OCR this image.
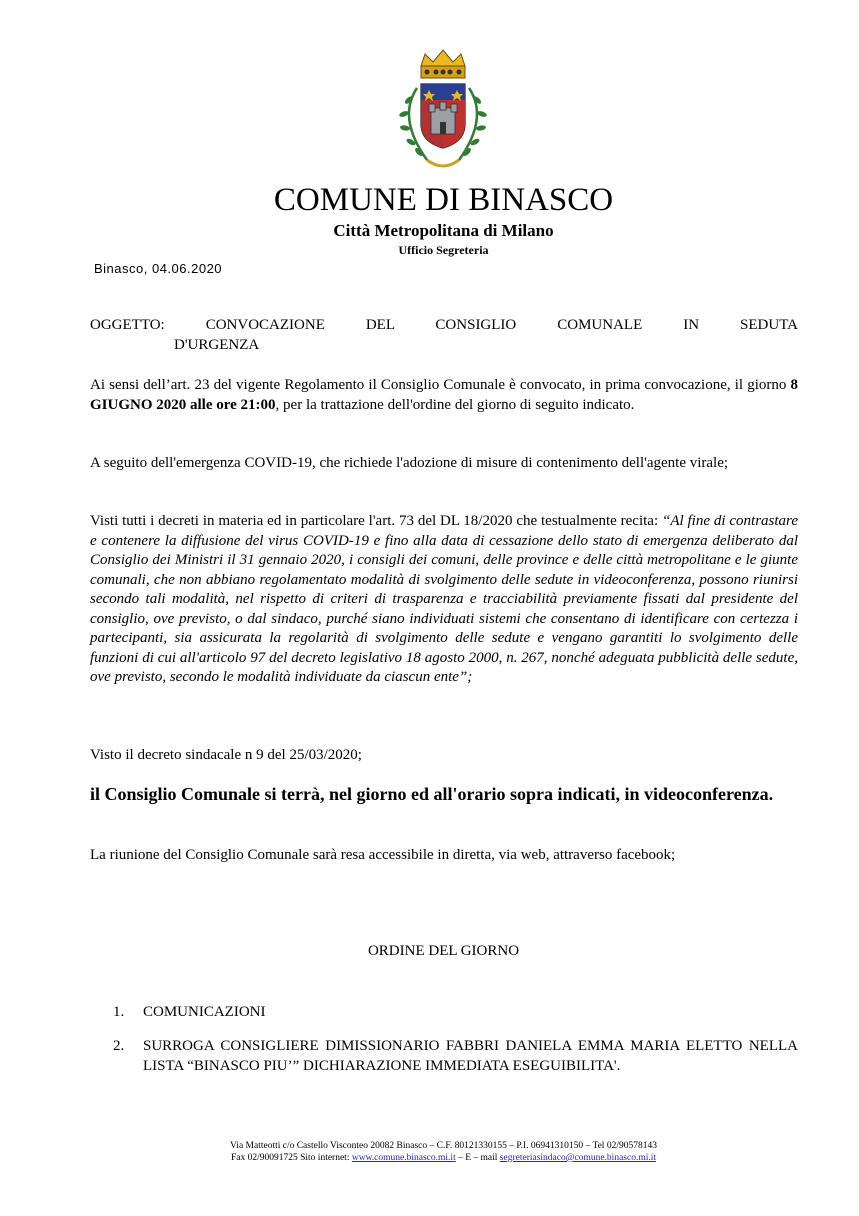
COMUNE DI BINASCO
Città Metropolitana di Milano
Ufficio Segreteria
Binasco, 04.06.2020
OGGETTO:	CONVOCAZIONE DEL CONSIGLIO COMUNALE IN SEDUTA
D'URGENZA
Ai sensi dell’art. 23 del vigente Regolamento il Consiglio Comunale è convocato, in prima convocazione, il giorno 8 GIUGNO 2020 alle ore 21:00, per la trattazione dell'ordine del giorno di seguito indicato.
A seguito dell'emergenza COVID-19, che richiede l'adozione di misure di contenimento dell'agente virale;
Visti tutti i decreti in materia ed in particolare l'art. 73 del DL 18/2020 che testualmente recita: “Al fine di contrastare e contenere la diffusione del virus COVID-19 e fino alla data di cessazione dello stato di emergenza deliberato dal Consiglio dei Ministri il 31 gennaio 2020, i consigli dei comuni, delle province e delle città metropolitane e le giunte comunali, che non abbiano regolamentato modalità di svolgimento delle sedute in videoconferenza, possono riunirsi secondo tali modalità, nel rispetto di criteri di trasparenza e tracciabilità previamente fissati dal presidente del consiglio, ove previsto, o dal sindaco, purché siano individuati sistemi che consentano di identificare con certezza i partecipanti, sia assicurata la regolarità di svolgimento delle sedute e vengano garantiti lo svolgimento delle funzioni di cui all'articolo 97 del decreto legislativo 18 agosto 2000, n. 267, nonché adeguata pubblicità delle sedute, ove previsto, secondo le modalità individuate da ciascun ente”;
Visto il decreto sindacale n 9 del 25/03/2020;
il Consiglio Comunale si terrà, nel giorno ed all'orario sopra indicati, in videoconferenza.
La riunione del Consiglio Comunale sarà resa accessibile in diretta, via web, attraverso facebook;
ORDINE DEL GIORNO
1.	COMUNICAZIONI
2.	SURROGA CONSIGLIERE DIMISSIONARIO FABBRI DANIELA EMMA MARIA ELETTO NELLA LISTA “BINASCO PIU’” DICHIARAZIONE IMMEDIATA ESEGUIBILITA'.
Via Matteotti c/o Castello Visconteo 20082 Binasco – C.F. 80121330155 – P.I. 06941310150 – Tel 02/90578143
Fax 02/90091725 Sito internet: www.comune.binasco.mi.it – E – mail segreteriasindaco@comune.binasco.mi.it
